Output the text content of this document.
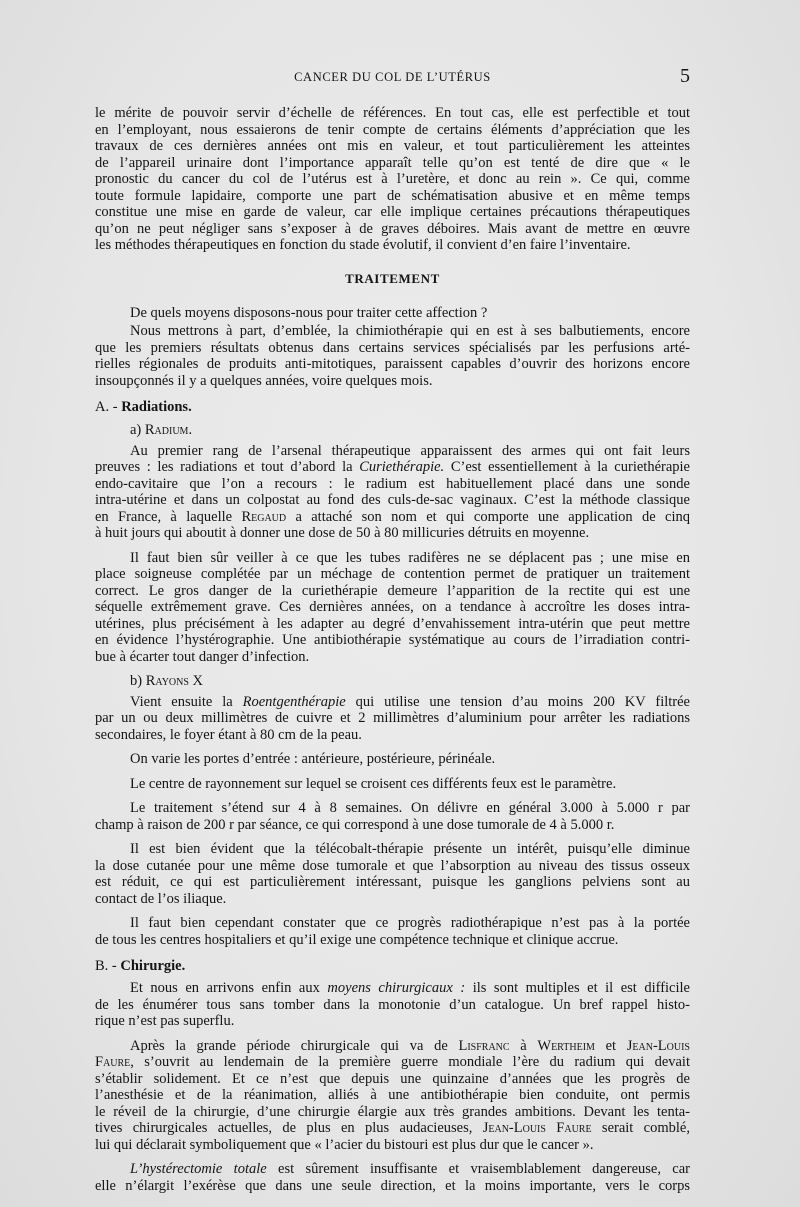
CANCER DU COL DE L’UTÉRUS	5
le mérite de pouvoir servir d’échelle de références. En tout cas, elle est perfectible et tout
en l’employant, nous essaierons de tenir compte de certains éléments d’appréciation que les
travaux de ces dernières années ont mis en valeur, et tout particulièrement les atteintes
de l’appareil urinaire dont l’importance apparaît telle qu’on est tenté de dire que « le
pronostic du cancer du col de l’utérus est à l’uretère, et donc au rein ». Ce qui, comme
toute formule lapidaire, comporte une part de schématisation abusive et en même temps
constitue une mise en garde de valeur, car elle implique certaines précautions thérapeutiques
qu’on ne peut négliger sans s’exposer à de graves déboires. Mais avant de mettre en œuvre
les méthodes thérapeutiques en fonction du stade évolutif, il convient d’en faire l’inventaire.
TRAITEMENT
De quels moyens disposons-nous pour traiter cette affection ?
Nous mettrons à part, d’emblée, la chimiothérapie qui en est à ses balbutiements, encore
que les premiers résultats obtenus dans certains services spécialisés par les perfusions arté-
rielles régionales de produits anti-mitotiques, paraissent capables d’ouvrir des horizons encore
insoupçonnés il y a quelques années, voire quelques mois.
A. - Radiations.
a) Radium.
Au premier rang de l’arsenal thérapeutique apparaissent des armes qui ont fait leurs
preuves : les radiations et tout d’abord la Curiethérapie. C’est essentiellement à la curiethérapie
endo-cavitaire que l’on a recours : le radium est habituellement placé dans une sonde
intra-utérine et dans un colpostat au fond des culs-de-sac vaginaux. C’est la méthode classique
en France, à laquelle Regaud a attaché son nom et qui comporte une application de cinq
à huit jours qui aboutit à donner une dose de 50 à 80 millicuries détruits en moyenne.
Il faut bien sûr veiller à ce que les tubes radifères ne se déplacent pas ; une mise en
place soigneuse complétée par un méchage de contention permet de pratiquer un traitement
correct. Le gros danger de la curiethérapie demeure l’apparition de la rectite qui est une
séquelle extrêmement grave. Ces dernières années, on a tendance à accroître les doses intra-
utérines, plus précisément à les adapter au degré d’envahissement intra-utérin que peut mettre
en évidence l’hystérographie. Une antibiothérapie systématique au cours de l’irradiation contri-
bue à écarter tout danger d’infection.
b) Rayons X
Vient ensuite la Roentgenthérapie qui utilise une tension d’au moins 200 KV filtrée
par un ou deux millimètres de cuivre et 2 millimètres d’aluminium pour arrêter les radiations
secondaires, le foyer étant à 80 cm de la peau.
On varie les portes d’entrée : antérieure, postérieure, périnéale.
Le centre de rayonnement sur lequel se croisent ces différents feux est le paramètre.
Le traitement s’étend sur 4 à 8 semaines. On délivre en général 3.000 à 5.000 r par
champ à raison de 200 r par séance, ce qui correspond à une dose tumorale de 4 à 5.000 r.
Il est bien évident que la télécobalt-thérapie présente un intérêt, puisqu’elle diminue
la dose cutanée pour une même dose tumorale et que l’absorption au niveau des tissus osseux
est réduit, ce qui est particulièrement intéressant, puisque les ganglions pelviens sont au
contact de l’os iliaque.
Il faut bien cependant constater que ce progrès radiothérapique n’est pas à la portée
de tous les centres hospitaliers et qu’il exige une compétence technique et clinique accrue.
B. - Chirurgie.
Et nous en arrivons enfin aux moyens chirurgicaux : ils sont multiples et il est difficile
de les énumérer tous sans tomber dans la monotonie d’un catalogue. Un bref rappel histo-
rique n’est pas superflu.
Après la grande période chirurgicale qui va de Lisfranc à Wertheim et Jean-Louis
Faure, s’ouvrit au lendemain de la première guerre mondiale l’ère du radium qui devait
s’établir solidement. Et ce n’est que depuis une quinzaine d’années que les progrès de
l’anesthésie et de la réanimation, alliés à une antibiothérapie bien conduite, ont permis
le réveil de la chirurgie, d’une chirurgie élargie aux très grandes ambitions. Devant les tenta-
tives chirurgicales actuelles, de plus en plus audacieuses, Jean-Louis Faure serait comblé,
lui qui déclarait symboliquement que « l’acier du bistouri est plus dur que le cancer ».
L’hystérectomie totale est sûrement insuffisante et vraisemblablement dangereuse, car
elle n’élargit l’exérèse que dans une seule direction, et la moins importante, vers le corps
